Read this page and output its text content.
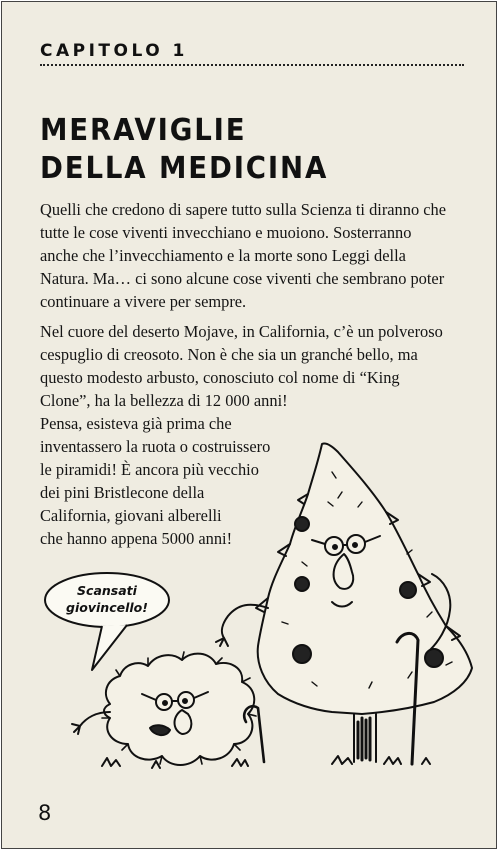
CAPITOLO 1
MERAVIGLIE
DELLA MEDICINA
Quelli che credono di sapere tutto sulla Scienza ti diranno che
tutte le cose viventi invecchiano e muoiono. Sosterranno
anche che l’invecchiamento e la morte sono Leggi della
Natura. Ma… ci sono alcune cose viventi che sembrano poter
continuare a vivere per sempre.
Nel cuore del deserto Mojave, in California, c’è un polveroso
cespuglio di creosoto. Non è che sia un granché bello, ma
questo modesto arbusto, conosciuto col nome di “King
Clone”, ha la bellezza di 12 000 anni!
Pensa, esisteva già prima che
inventassero la ruota o costruissero
le piramidi! È ancora più vecchio
dei pini Bristlecone della
California, giovani alberelli
che hanno appena 5000 anni!
Scansati
giovincello!
8
